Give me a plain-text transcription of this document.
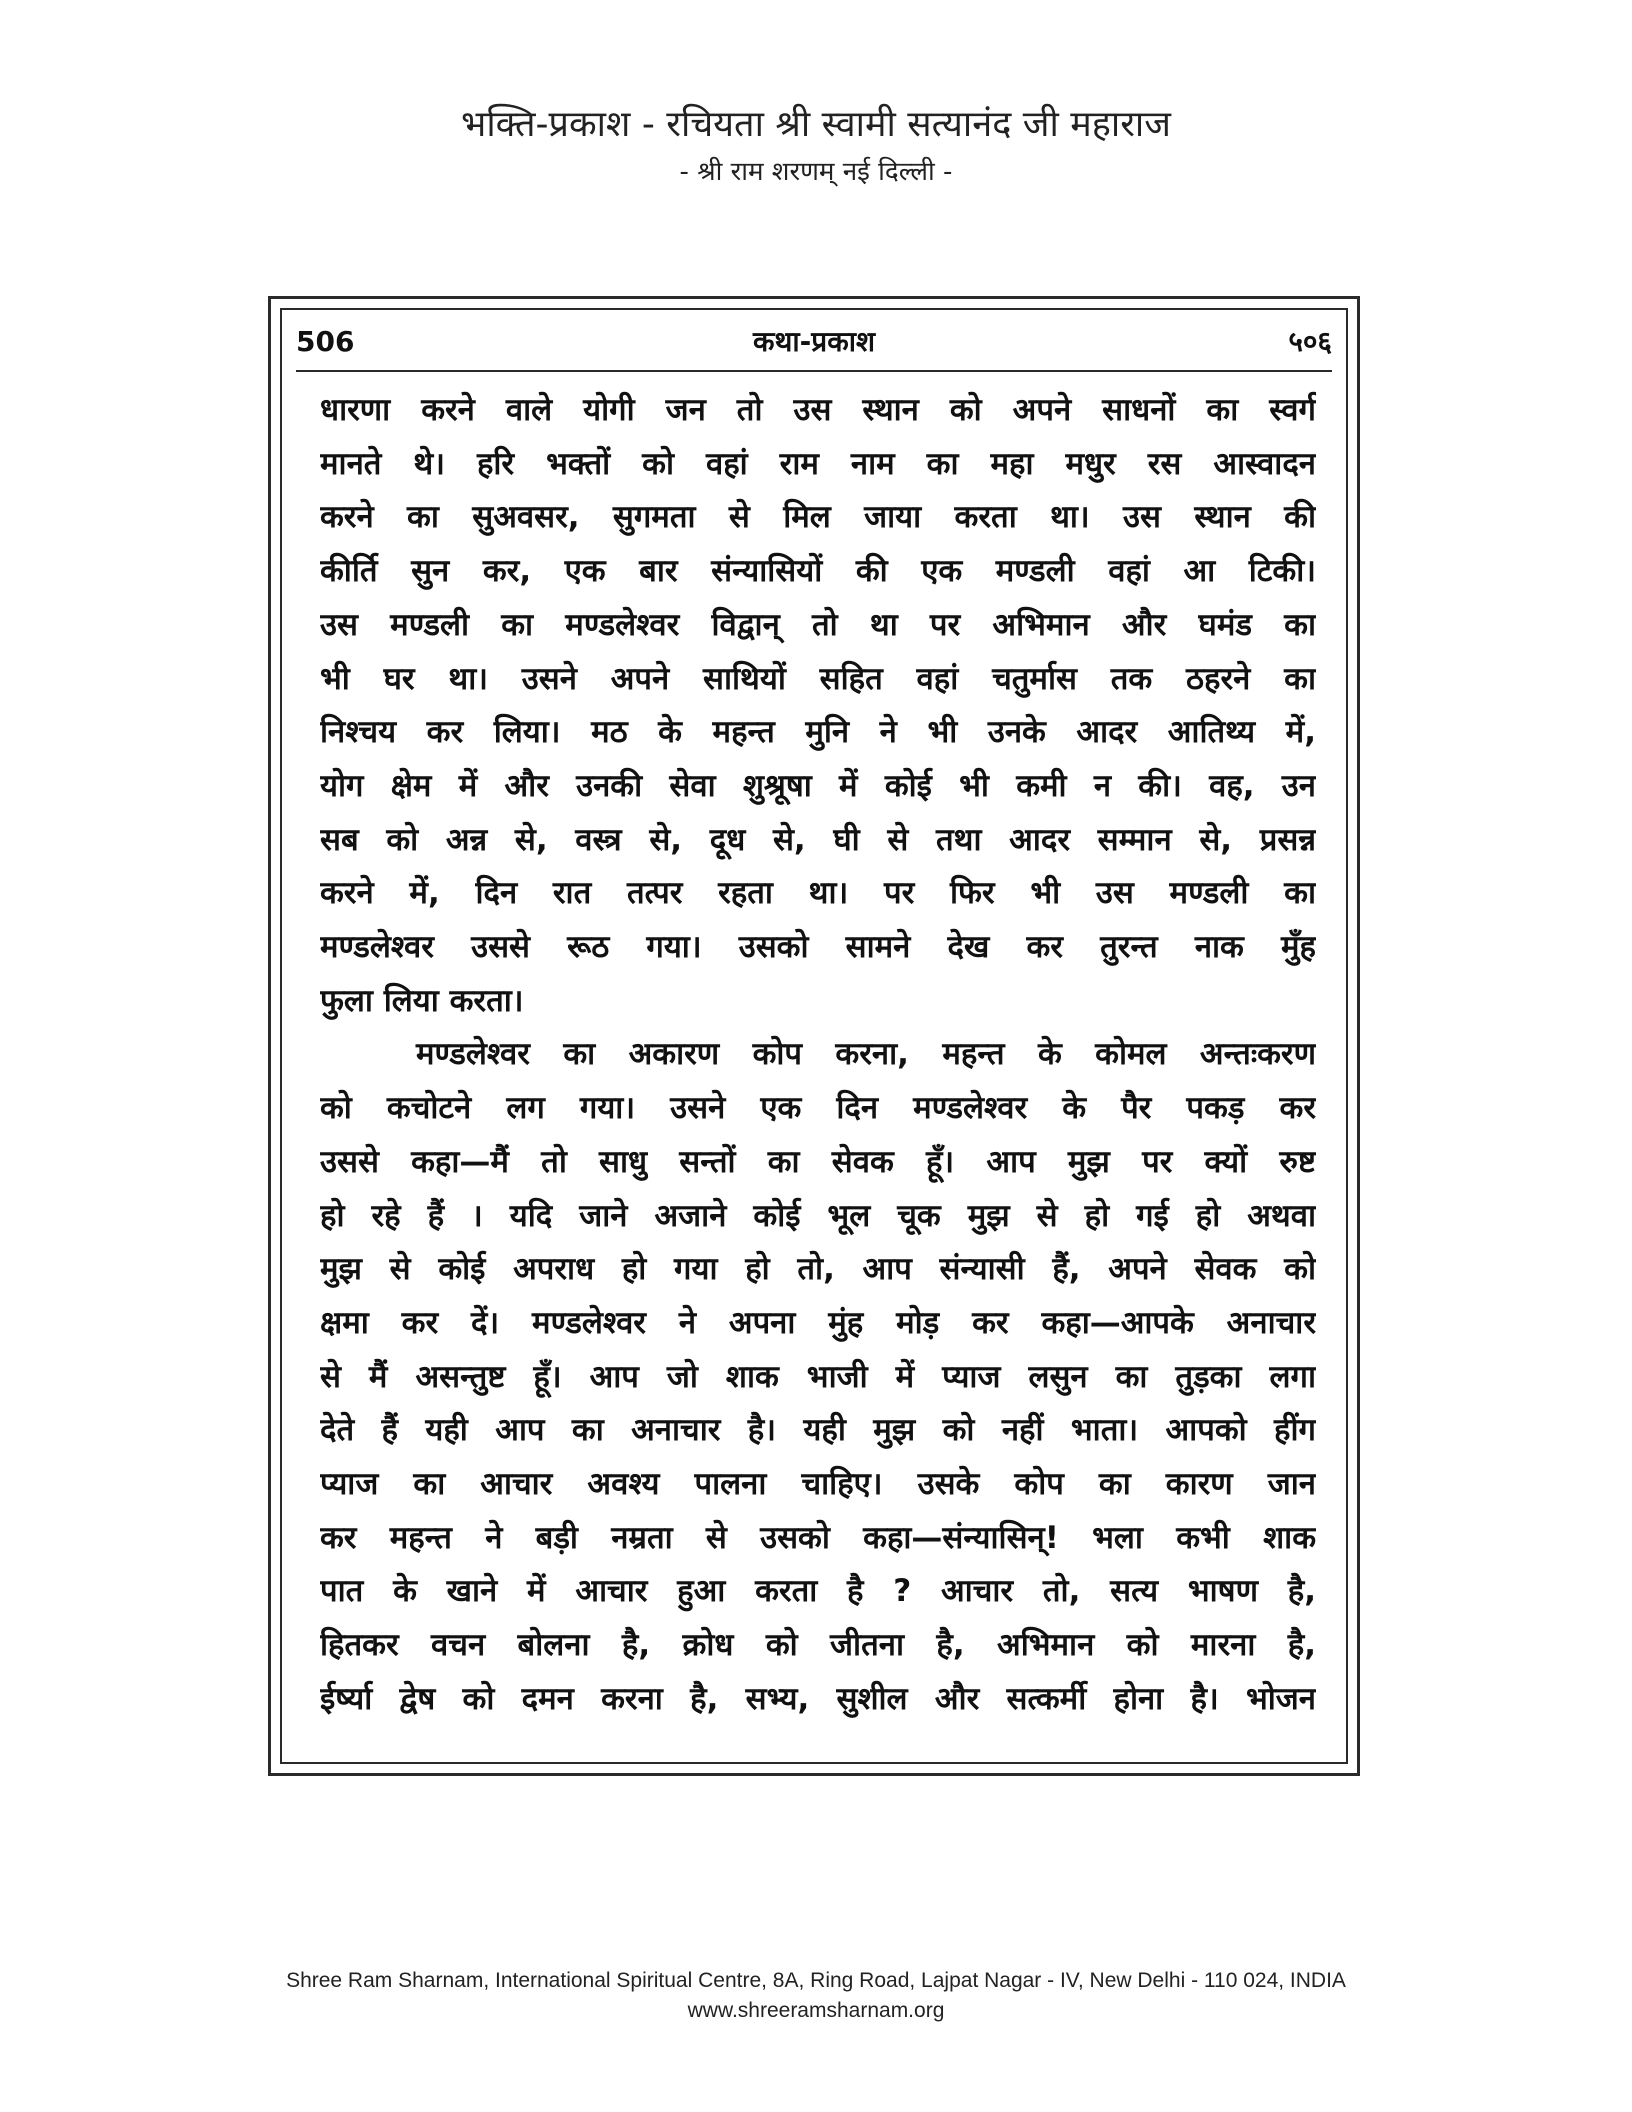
भक्ति-प्रकाश - रचियता श्री स्वामी सत्यानंद जी महाराज
- श्री राम शरणम् नई दिल्ली -
506	कथा-प्रकाश	५०६
धारणा करने वाले योगी जन तो उस स्थान को अपने साधनों का स्वर्ग
मानते थे। हरि भक्तों को वहां राम नाम का महा मधुर रस आस्वादन
करने का सुअवसर, सुगमता से मिल जाया करता था। उस स्थान की
कीर्ति सुन कर, एक बार संन्यासियों की एक मण्डली वहां आ टिकी।
उस मण्डली का मण्डलेश्वर विद्वान् तो था पर अभिमान और घमंड का
भी घर था। उसने अपने साथियों सहित वहां चतुर्मास तक ठहरने का
निश्चय कर लिया। मठ के महन्त मुनि ने भी उनके आदर आतिथ्य में,
योग क्षेम में और उनकी सेवा शुश्रूषा में कोई भी कमी न की। वह, उन
सब को अन्न से, वस्त्र से, दूध से, घी से तथा आदर सम्मान से, प्रसन्न
करने में, दिन रात तत्पर रहता था। पर फिर भी उस मण्डली का
मण्डलेश्वर उससे रूठ गया। उसको सामने देख कर तुरन्त नाक मुँह
फुला लिया करता।
मण्डलेश्वर का अकारण कोप करना, महन्त के कोमल अन्तःकरण
को कचोटने लग गया। उसने एक दिन मण्डलेश्वर के पैर पकड़ कर
उससे कहा—मैं तो साधु सन्तों का सेवक हूँ। आप मुझ पर क्यों रुष्ट
हो रहे हैं । यदि जाने अजाने कोई भूल चूक मुझ से हो गई हो अथवा
मुझ से कोई अपराध हो गया हो तो, आप संन्यासी हैं, अपने सेवक को
क्षमा कर दें। मण्डलेश्वर ने अपना मुंह मोड़ कर कहा—आपके अनाचार
से मैं असन्तुष्ट हूँ। आप जो शाक भाजी में प्याज लसुन का तुड़का लगा
देते हैं यही आप का अनाचार है। यही मुझ को नहीं भाता। आपको हींग
प्याज का आचार अवश्य पालना चाहिए। उसके कोप का कारण जान
कर महन्त ने बड़ी नम्रता से उसको कहा—संन्यासिन्! भला कभी शाक
पात के खाने में आचार हुआ करता है ? आचार तो, सत्य भाषण है,
हितकर वचन बोलना है, क्रोध को जीतना है, अभिमान को मारना है,
ईर्ष्या द्वेष को दमन करना है, सभ्य, सुशील और सत्कर्मी होना है। भोजन
Shree Ram Sharnam, International Spiritual Centre, 8A, Ring Road, Lajpat Nagar - IV, New Delhi - 110 024, INDIA
www.shreeramsharnam.org
